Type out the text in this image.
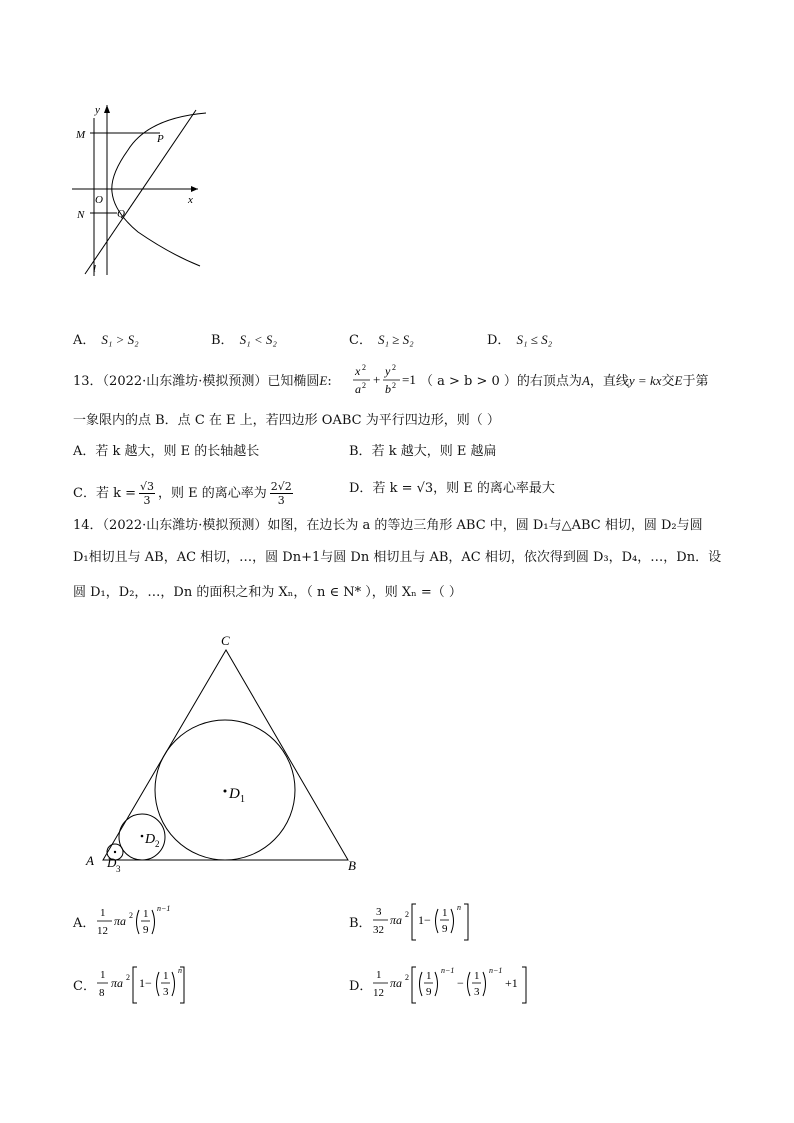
y
x
M	P
O
N	Q
l
A． S₁ > S₂	B． S₁ < S₂	C． S₁ ≥ S₂	D． S₁ ≤ S₂
13．（2022·山东潍坊·模拟预测）已知椭圆E:
x 2
a 2 +
y 2
b 2 =1 （ a > b > 0 ）的右顶点为A，直线y = kx交E于第
一象限内的点 B．点 C 在 E 上，若四边形 OABC 为平行四边形，则（ ）
A．若 k 越大，则 E 的长轴越长	B．若 k 越大，则 E 越扁
C． 若 $k = \frac{√3}{3}$ ，则 E 的离心率为 $\frac{2√2}{3}$	D．若 k = √3，则 E 的离心率最大
14．（2022·山东潍坊·模拟预测）如图，在边长为 a 的等边三角形 ABC 中，圆 D₁与△ABC 相切，圆 D₂与圆
D₁相切且与 AB，AC 相切，…，圆 Dn+1与圆 Dn 相切且与 AB，AC 相切，依次得到圆 D₃，D₄，…，Dn．设
圆 D₁，D₂，…，Dn 的面积之和为 Xₙ，（ n ∈ N* ），则 Xₙ =（ ）
C
A	B
D 1
D 2
D 3
A．
1
12
πa 2 1
9
n−1
B．
3
32
πa 2 1− 1
9
n
C．
1
8
πa 2 1− 1
3
n
D．
1
12
πa 2 1
9
n−1
− 1
3
n−1
+1
